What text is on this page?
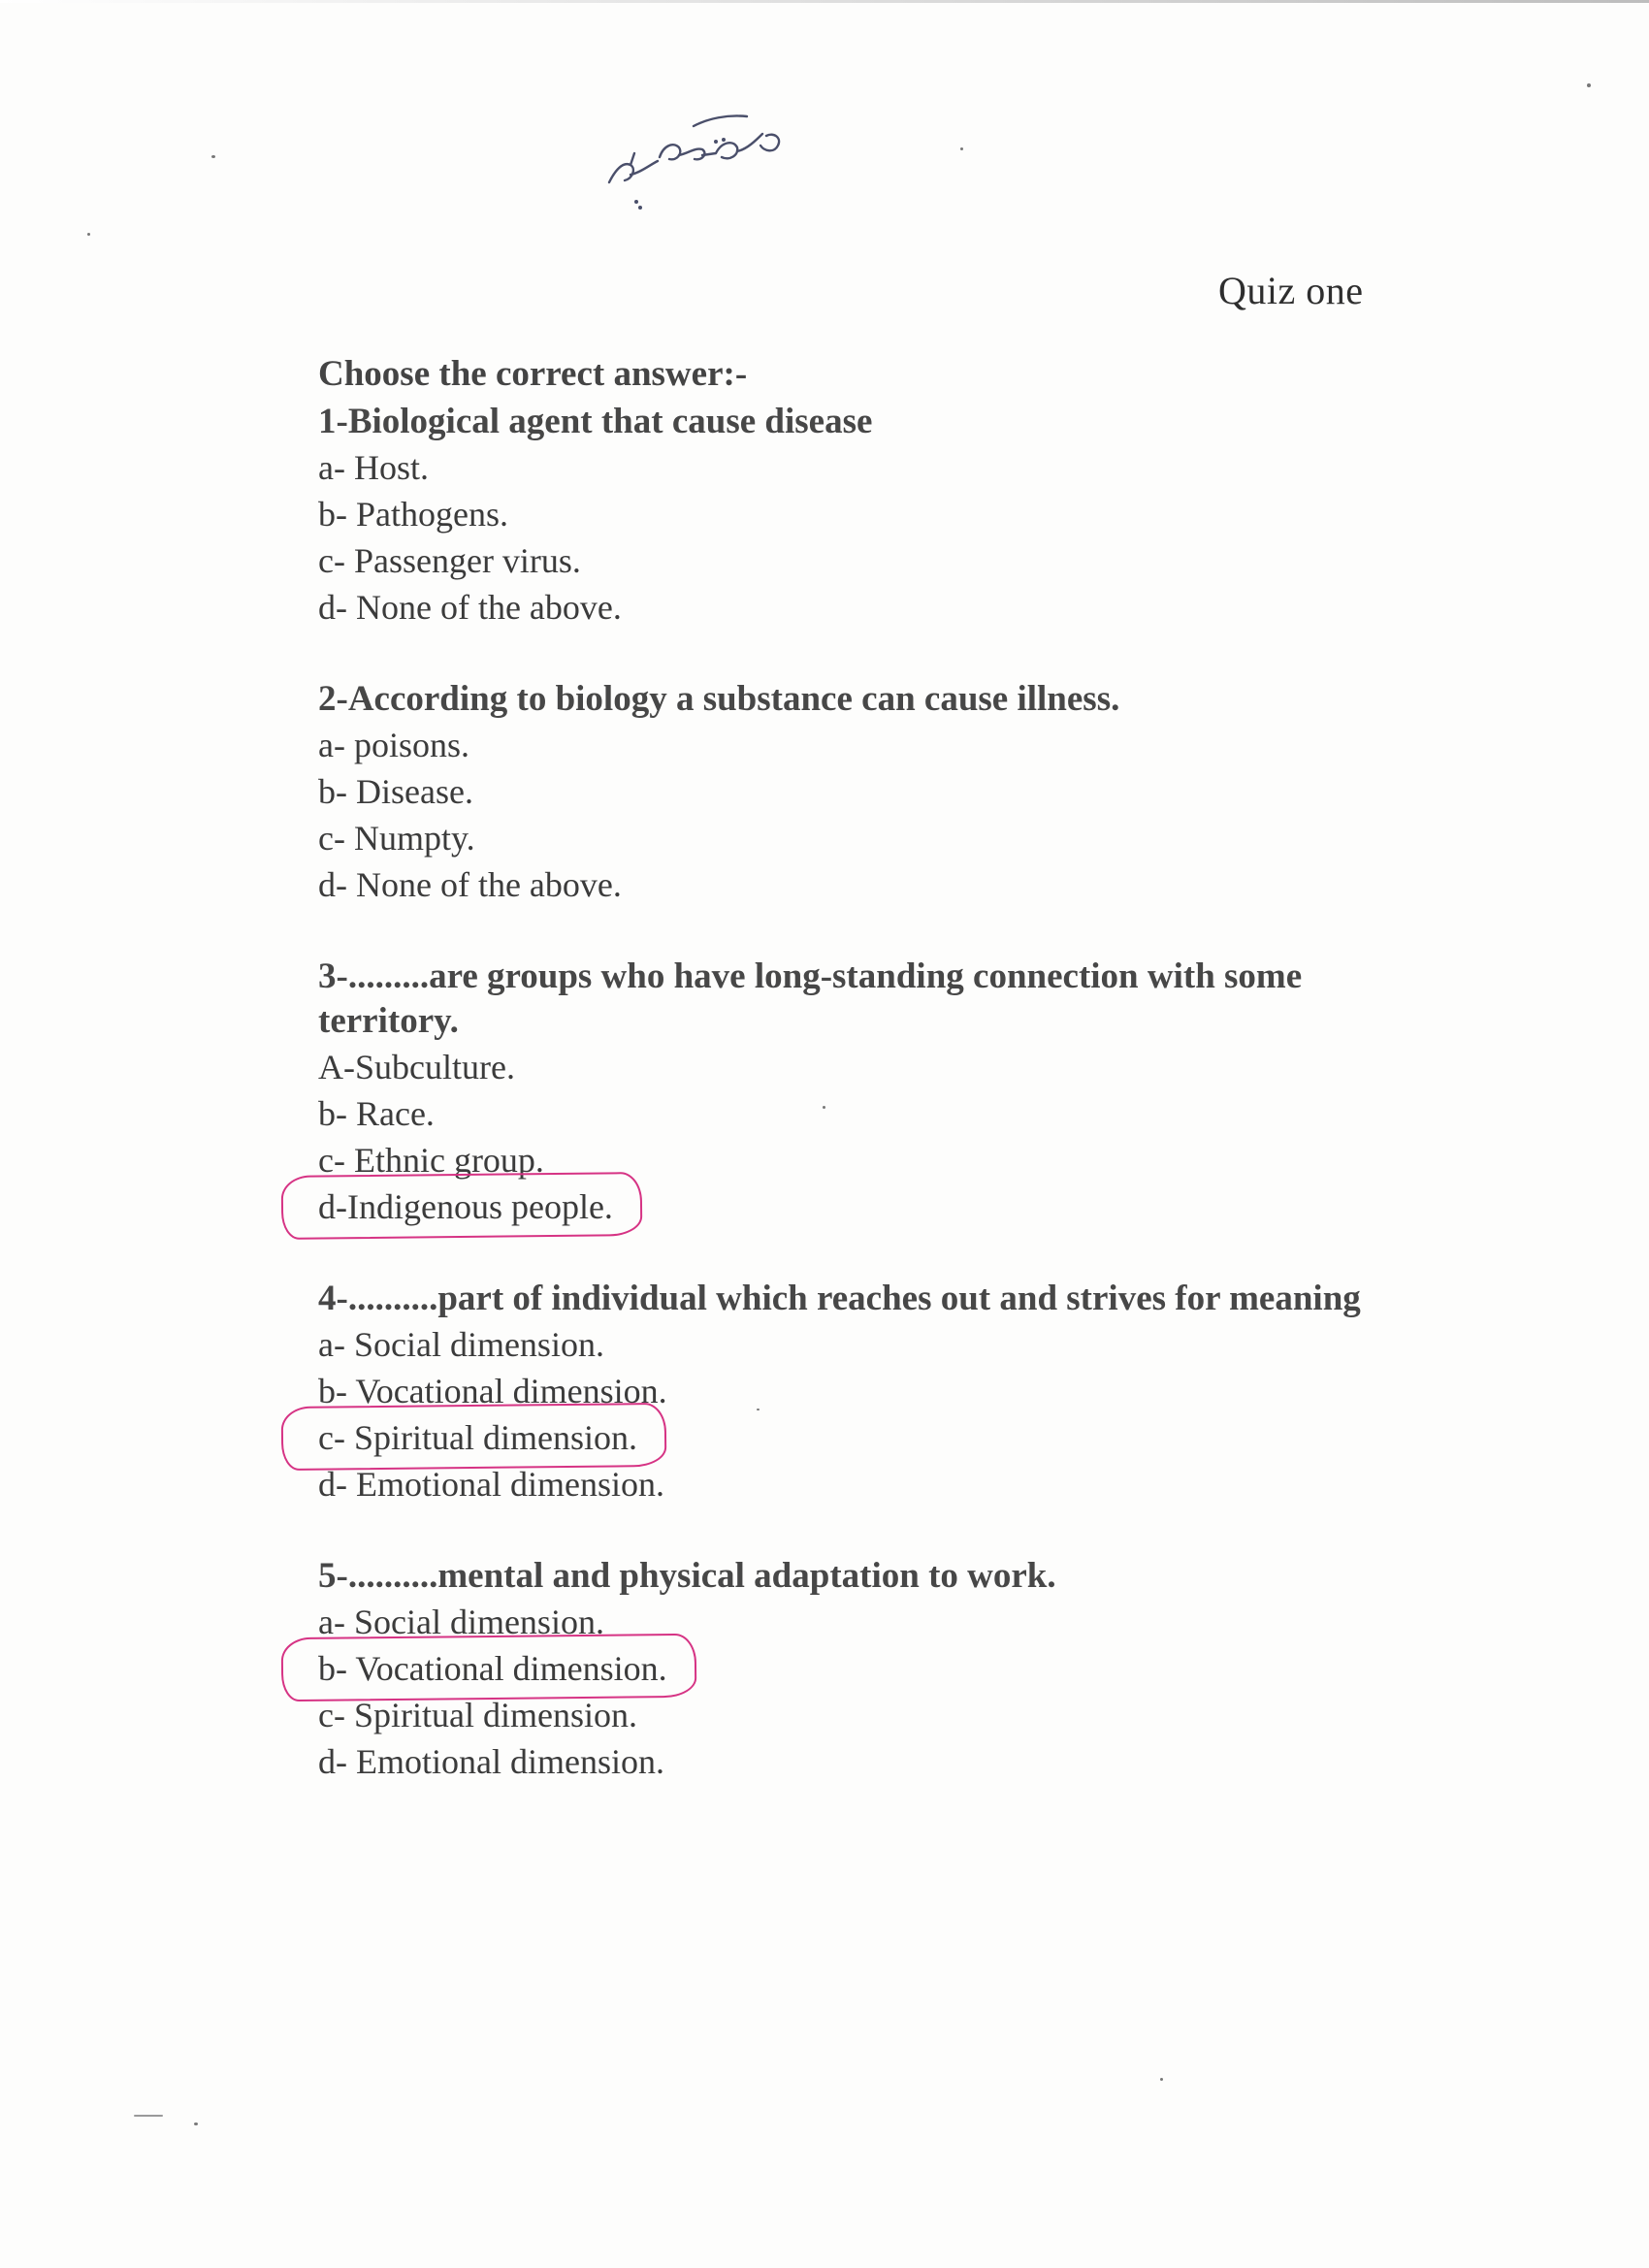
Quiz one

Choose the correct answer:-

1-Biological agent that cause disease

a- Host.
b- Pathogens.
c- Passenger virus.
d- None of the above.

2-According to biology a substance can cause illness.

a- poisons.
b- Disease.
c- Numpty.
d- None of the above.

3-.........are groups who have long-standing connection with some territory.

A-Subculture.
b- Race.
c- Ethnic group.
d-Indigenous people.

4-..........part of individual which reaches out and strives for meaning

a- Social dimension.
b- Vocational dimension.
c- Spiritual dimension.
d- Emotional dimension.

5-..........mental and physical adaptation to work.

a- Social dimension.
b- Vocational dimension.
c- Spiritual dimension.
d- Emotional dimension.
